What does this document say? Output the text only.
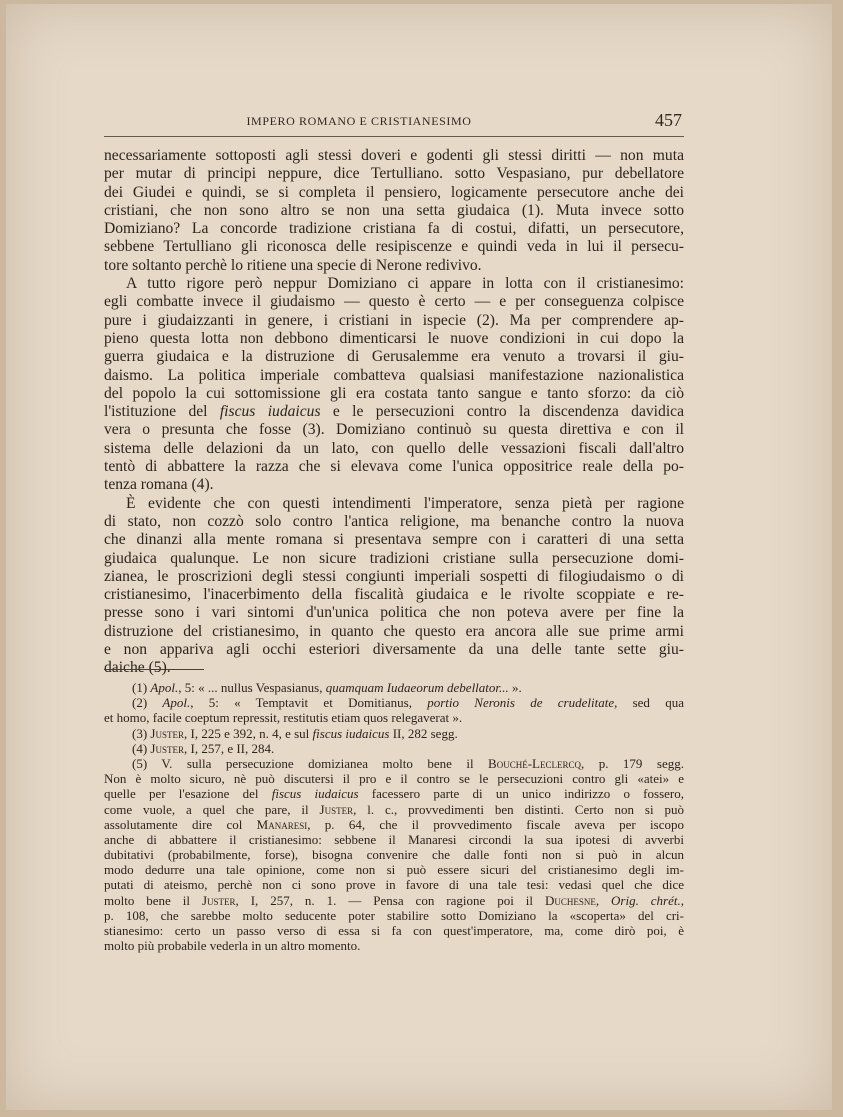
IMPERO ROMANO E CRISTIANESIMO	457
necessariamente sottoposti agli stessi doveri e godenti gli stessi diritti — non muta
per mutar di principi neppure, dice Tertulliano. sotto Vespasiano, pur debellatore
dei Giudei e quindi, se si completa il pensiero, logicamente persecutore anche dei
cristiani, che non sono altro se non una setta giudaica (1). Muta invece sotto
Domiziano? La concorde tradizione cristiana fa di costui, difatti, un persecutore,
sebbene Tertulliano gli riconosca delle resipiscenze e quindi veda in lui il persecu-
tore soltanto perchè lo ritiene una specie di Nerone redivivo.
A tutto rigore però neppur Domiziano ci appare in lotta con il cristianesimo:
egli combatte invece il giudaismo — questo è certo — e per conseguenza colpisce
pure i giudaizzanti in genere, i cristiani in ispecie (2). Ma per comprendere ap-
pieno questa lotta non debbono dimenticarsi le nuove condizioni in cui dopo la
guerra giudaica e la distruzione di Gerusalemme era venuto a trovarsi il giu-
daismo. La politica imperiale combatteva qualsiasi manifestazione nazionalistica
del popolo la cui sottomissione gli era costata tanto sangue e tanto sforzo: da ciò
l'istituzione del fiscus iudaicus e le persecuzioni contro la discendenza davidica
vera o presunta che fosse (3). Domiziano continuò su questa direttiva e con il
sistema delle delazioni da un lato, con quello delle vessazioni fiscali dall'altro
tentò di abbattere la razza che si elevava come l'unica oppositrice reale della po-
tenza romana (4).
È evidente che con questi intendimenti l'imperatore, senza pietà per ragione
di stato, non cozzò solo contro l'antica religione, ma benanche contro la nuova
che dinanzi alla mente romana si presentava sempre con i caratteri di una setta
giudaica qualunque. Le non sicure tradizioni cristiane sulla persecuzione domi-
zianea, le proscrizioni degli stessi congiunti imperiali sospetti di filogiudaismo o di
cristianesimo, l'inacerbimento della fiscalità giudaica e le rivolte scoppiate e re-
presse sono i vari sintomi d'un'unica politica che non poteva avere per fine la
distruzione del cristianesimo, in quanto che questo era ancora alle sue prime armi
e non appariva agli occhi esteriori diversamente da una delle tante sette giu-
daiche (5).
(1) Apol., 5: « ... nullus Vespasianus, quamquam Iudaeorum debellator... ».
(2) Apol., 5: « Temptavit et Domitianus, portio Neronis de crudelitate, sed qua
et homo, facile coeptum repressit, restitutis etiam quos relegaverat ».
(3) Juster, I, 225 e 392, n. 4, e sul fiscus iudaicus II, 282 segg.
(4) Juster, I, 257, e II, 284.
(5) V. sulla persecuzione domizianea molto bene il Bouché-Leclercq, p. 179 segg.
Non è molto sicuro, nè può discutersi il pro e il contro se le persecuzioni contro gli «atei» e
quelle per l'esazione del fiscus iudaicus facessero parte di un unico indirizzo o fossero,
come vuole, a quel che pare, il Juster, l. c., provvedimenti ben distinti. Certo non si può
assolutamente dire col Manaresi, p. 64, che il provvedimento fiscale aveva per iscopo
anche di abbattere il cristianesimo: sebbene il Manaresi circondi la sua ipotesi di avverbi
dubitativi (probabilmente, forse), bisogna convenire che dalle fonti non si può in alcun
modo dedurre una tale opinione, come non si può essere sicuri del cristianesimo degli im-
putati di ateismo, perchè non ci sono prove in favore di una tale tesi: vedasi quel che dice
molto bene il Juster, I, 257, n. 1. — Pensa con ragione poi il Duchesne, Orig. chrét.,
p. 108, che sarebbe molto seducente poter stabilire sotto Domiziano la «scoperta» del cri-
stianesimo: certo un passo verso di essa si fa con quest'imperatore, ma, come dirò poi, è
molto più probabile vederla in un altro momento.
